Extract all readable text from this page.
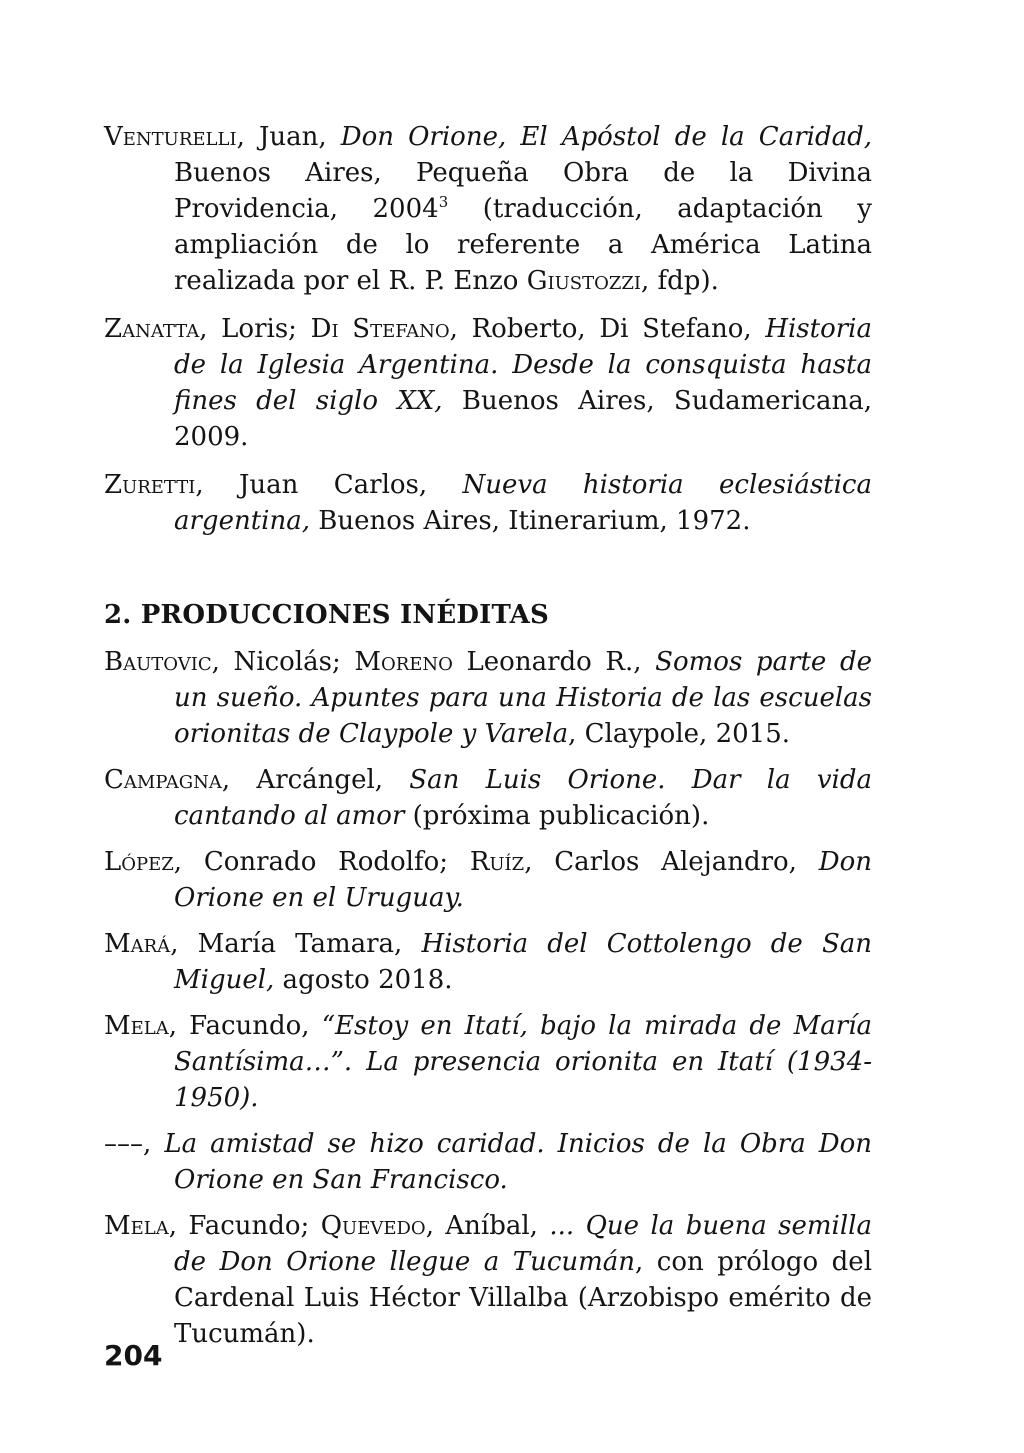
Venturelli, Juan, Don Orione, El Apóstol de la Caridad, Buenos Aires, Pequeña Obra de la Divina Providencia, 2004$^3$ (traducción, adaptación y ampliación de lo referente a América Latina realizada por el R. P. Enzo Giustozzi, fdp).

Zanatta, Loris; Di Stefano, Roberto, Di Stefano, Historia de la Iglesia Argentina. Desde la consquista hasta fines del siglo XX, Buenos Aires, Sudamericana, 2009.

Zuretti, Juan Carlos, Nueva historia eclesiástica argentina, Buenos Aires, Itinerarium, 1972.

2. PRODUCCIONES INÉDITAS

Bautovic, Nicolás; Moreno Leonardo R., Somos parte de un sueño. Apuntes para una Historia de las escuelas orionitas de Claypole y Varela, Claypole, 2015.

Campagna, Arcángel, San Luis Orione. Dar la vida cantando al amor (próxima publicación).

López, Conrado Rodolfo; Ruíz, Carlos Alejandro, Don Orione en el Uruguay.

Mará, María Tamara, Historia del Cottolengo de San Miguel, agosto 2018.

Mela, Facundo, “Estoy en Itatí, bajo la mirada de María Santísima…”. La presencia orionita en Itatí (1934-1950).

–––, La amistad se hizo caridad. Inicios de la Obra Don Orione en San Francisco.

Mela, Facundo; Quevedo, Aníbal, ... Que la buena semilla de Don Orione llegue a Tucumán, con prólogo del Cardenal Luis Héctor Villalba (Arzobispo emérito de Tucumán).

204
